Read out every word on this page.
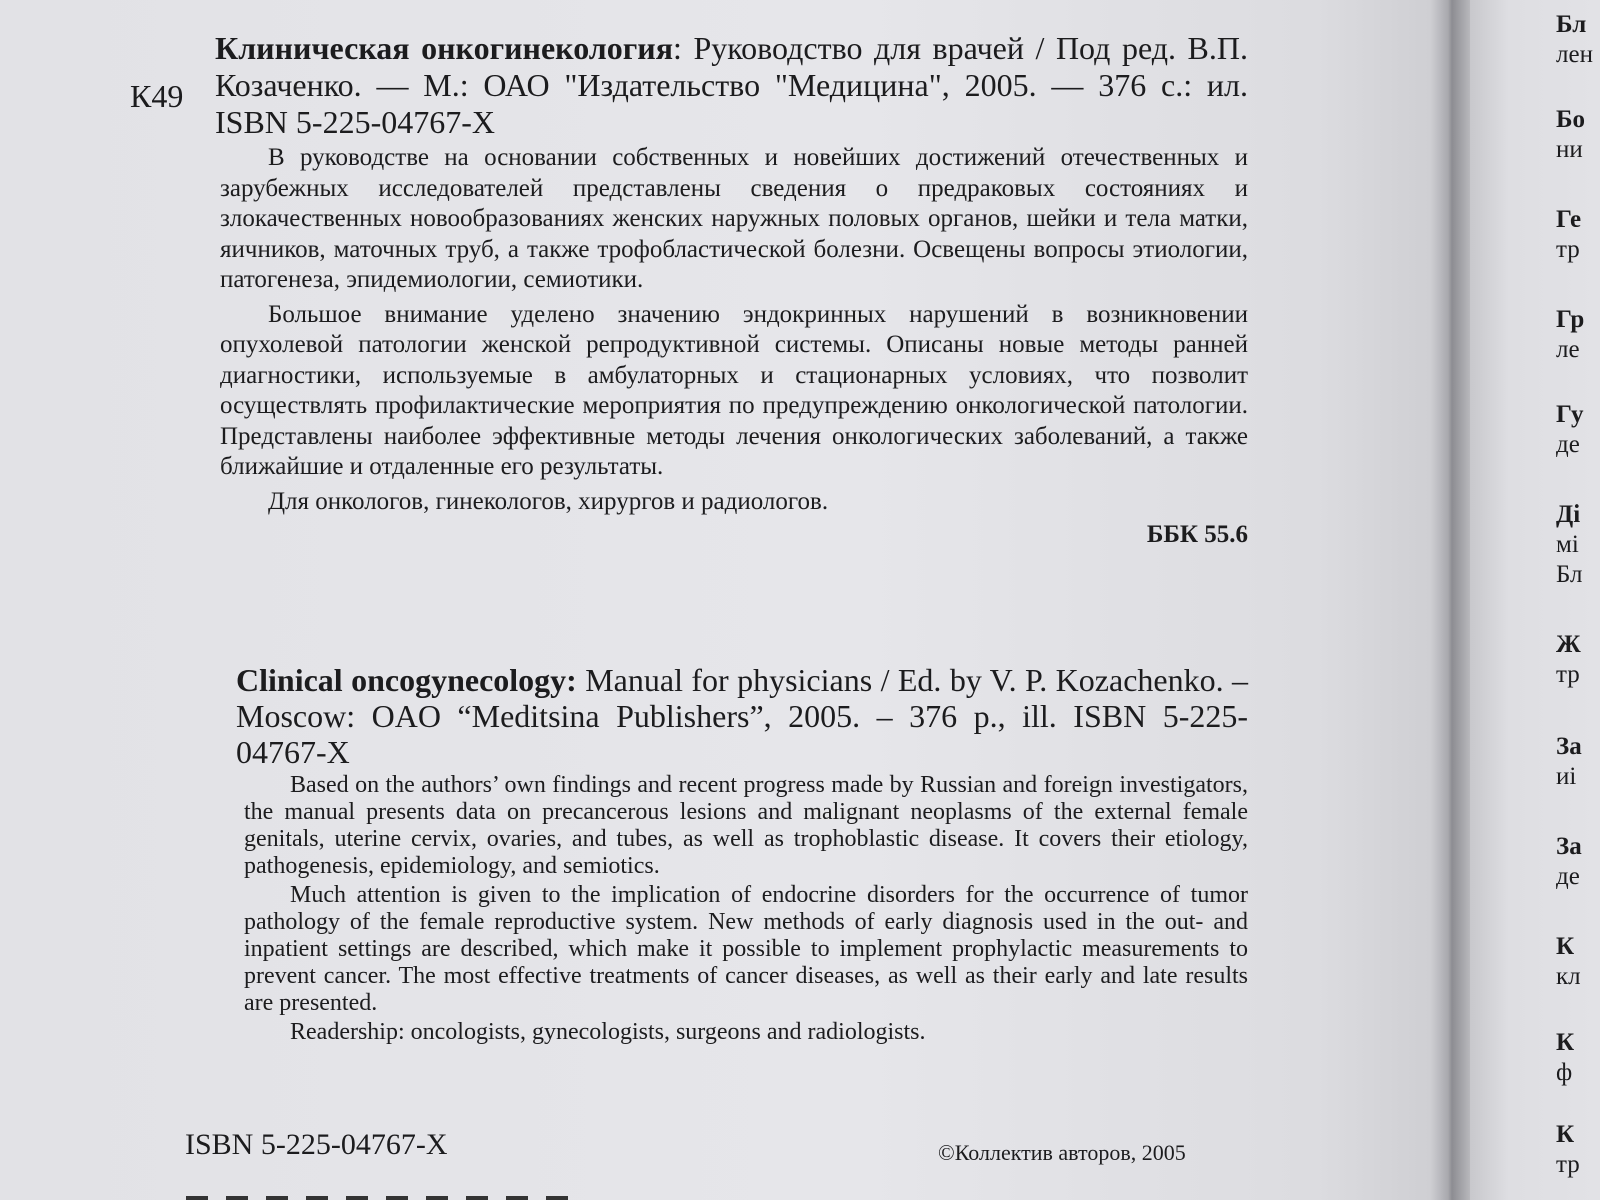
К49

Клиническая онкогинекология: Руководство для врачей / Под ред. В.П. Козаченко. — М.: ОАО "Издательство "Медицина", 2005. — 376 с.: ил. ISBN 5-225-04767-X

В руководстве на основании собственных и новейших достижений отечественных и зарубежных исследователей представлены сведения о предраковых состояниях и злокачественных новообразованиях женских наружных половых органов, шейки и тела матки, яичников, маточных труб, а также трофобластической болезни. Освещены вопросы этиологии, патогенеза, эпидемиологии, семиотики.

Большое внимание уделено значению эндокринных нарушений в возникновении опухолевой патологии женской репродуктивной системы. Описаны новые методы ранней диагностики, используемые в амбулаторных и стационарных условиях, что позволит осуществлять профилактические мероприятия по предупреждению онкологической патологии. Представлены наиболее эффективные методы лечения онкологических заболеваний, а также ближайшие и отдаленные его результаты.

Для онкологов, гинекологов, хирургов и радиологов.

ББК 55.6

Clinical oncogynecology: Manual for physicians / Ed. by V. P. Kozachenko. – Moscow: OAO “Meditsina Publishers”, 2005. – 376 p., ill. ISBN 5-225-04767-X

Based on the authors’ own findings and recent progress made by Russian and foreign investigators, the manual presents data on precancerous lesions and malignant neoplasms of the external female genitals, uterine cervix, ovaries, and tubes, as well as trophoblastic disease. It covers their etiology, pathogenesis, epidemiology, and semiotics.

Much attention is given to the implication of endocrine disorders for the occurrence of tumor pathology of the female reproductive system. New methods of early diagnosis used in the out- and inpatient settings are described, which make it possible to implement prophylactic measurements to prevent cancer. The most effective treatments of cancer diseases, as well as their early and late results are presented.

Readership: oncologists, gynecologists, surgeons and radiologists.

ISBN 5-225-04767-X	©Коллектив авторов, 2005
Бл
лен
Бо
ни
Ге
тр
Гр
ле
Гу
де
Ді
мі
Бл
Ж
тр
За
иі
За
де
К
кл
К
ф
К
тр
